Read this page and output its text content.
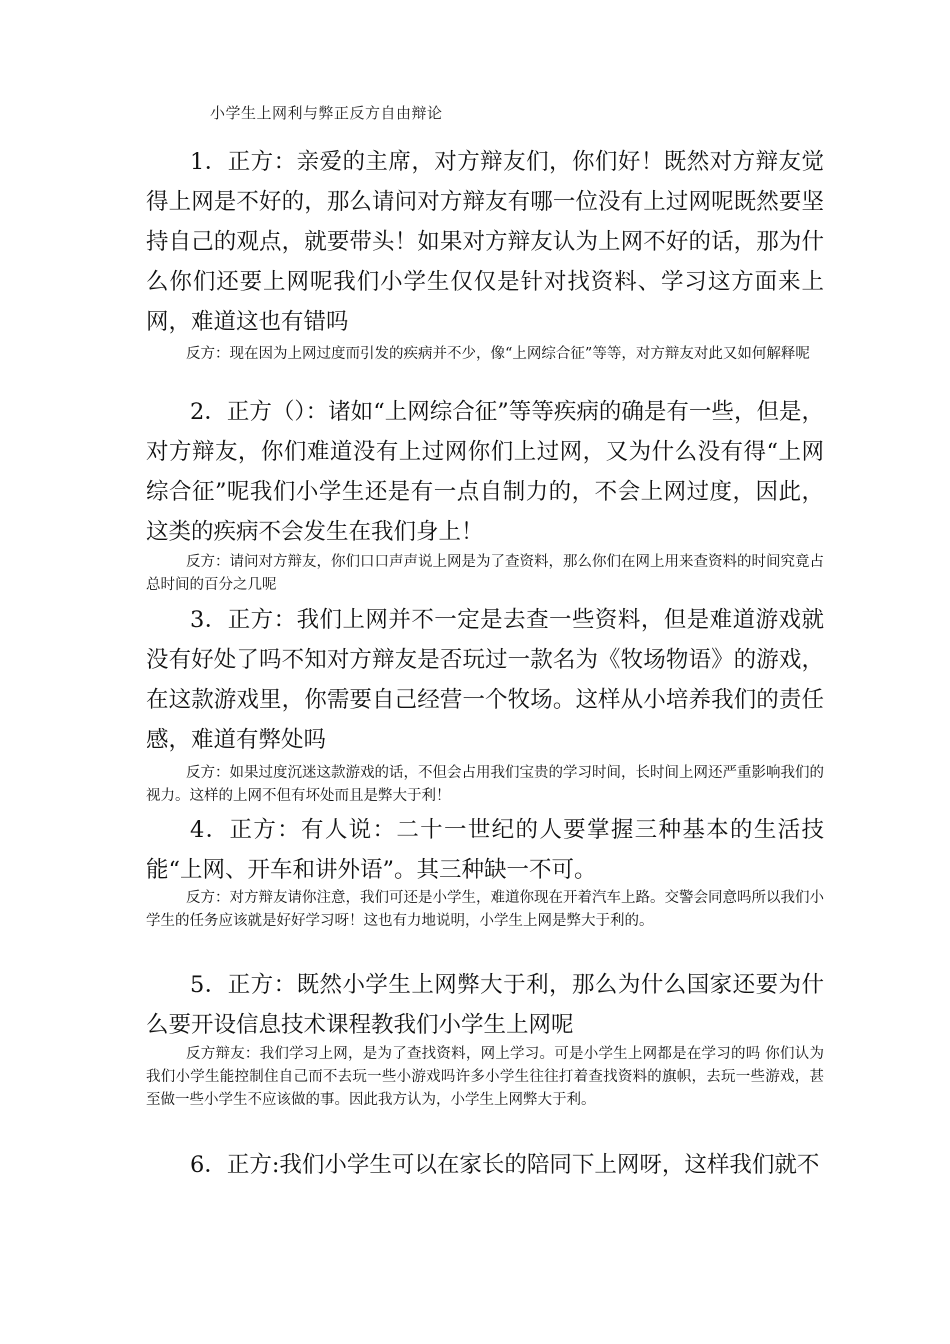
小学生上网利与弊正反方自由辩论

1．正方：亲爱的主席，对方辩友们，你们好！既然对方辩友觉得上网是不好的，那么请问对方辩友有哪一位没有上过网呢既然要坚持自己的观点，就要带头！如果对方辩友认为上网不好的话，那为什么你们还要上网呢我们小学生仅仅是针对找资料、学习这方面来上网，难道这也有错吗

反方：现在因为上网过度而引发的疾病并不少，像“上网综合征”等等，对方辩友对此又如何解释呢

2．正方（）：诸如“上网综合征”等等疾病的确是有一些，但是，对方辩友，你们难道没有上过网你们上过网，又为什么没有得“上网综合征”呢我们小学生还是有一点自制力的，不会上网过度，因此，这类的疾病不会发生在我们身上！

反方：请问对方辩友，你们口口声声说上网是为了查资料，那么你们在网上用来查资料的时间究竟占总时间的百分之几呢

3．正方：我们上网并不一定是去查一些资料，但是难道游戏就没有好处了吗不知对方辩友是否玩过一款名为《牧场物语》的游戏，在这款游戏里，你需要自己经营一个牧场。这样从小培养我们的责任感，难道有弊处吗

反方：如果过度沉迷这款游戏的话，不但会占用我们宝贵的学习时间，长时间上网还严重影响我们的视力。这样的上网不但有坏处而且是弊大于利！

4．正方：有人说：二十一世纪的人要掌握三种基本的生活技能“上网、开车和讲外语”。其三种缺一不可。

反方：对方辩友请你注意，我们可还是小学生，难道你现在开着汽车上路。交警会同意吗所以我们小学生的任务应该就是好好学习呀！这也有力地说明，小学生上网是弊大于利的。

5．正方：既然小学生上网弊大于利，那么为什么国家还要为什么要开设信息技术课程教我们小学生上网呢

反方辩友：我们学习上网，是为了查找资料，网上学习。可是小学生上网都是在学习的吗 你们认为我们小学生能控制住自己而不去玩一些小游戏吗许多小学生往往打着查找资料的旗帜，去玩一些游戏，甚至做一些小学生不应该做的事。因此我方认为，小学生上网弊大于利。

6．正方:我们小学生可以在家长的陪同下上网呀，这样我们就不
